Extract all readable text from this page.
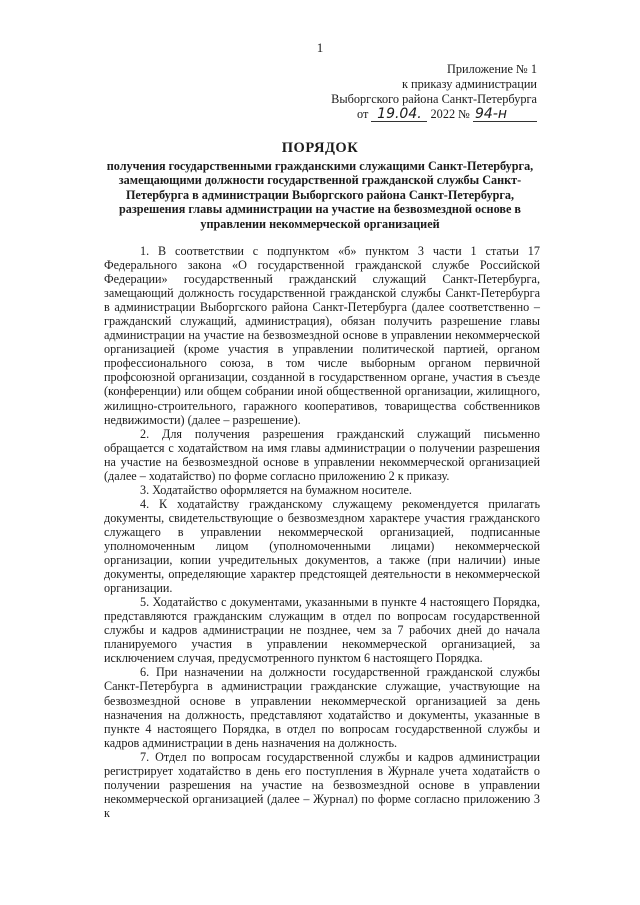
1
Приложение № 1
к приказу администрации
Выборгского района Санкт-Петербурга
от 19.04. 2022 № 94-н
ПОРЯДОК
получения государственными гражданскими служащими Санкт-Петербурга, замещающими должности государственной гражданской службы Санкт-Петербурга в администрации Выборгского района Санкт-Петербурга, разрешения главы администрации на участие на безвозмездной основе в управлении некоммерческой организацией

1. В соответствии с подпунктом «б» пунктом 3 части 1 статьи 17 Федерального закона «О государственной гражданской службе Российской Федерации» государственный гражданский служащий Санкт-Петербурга, замещающий должность государственной гражданской службы Санкт-Петербурга в администрации Выборгского района Санкт-Петербурга (далее соответственно – гражданский служащий, администрация), обязан получить разрешение главы администрации на участие на безвозмездной основе в управлении некоммерческой организацией (кроме участия в управлении политической партией, органом профессионального союза, в том числе выборным органом первичной профсоюзной организации, созданной в государственном органе, участия в съезде (конференции) или общем собрании иной общественной организации, жилищного, жилищно-строительного, гаражного кооперативов, товарищества собственников недвижимости) (далее – разрешение).

2. Для получения разрешения гражданский служащий письменно обращается с ходатайством на имя главы администрации о получении разрешения на участие на безвозмездной основе в управлении некоммерческой организацией (далее – ходатайство) по форме согласно приложению 2 к приказу.

3. Ходатайство оформляется на бумажном носителе.

4. К ходатайству гражданскому служащему рекомендуется прилагать документы, свидетельствующие о безвозмездном характере участия гражданского служащего в управлении некоммерческой организацией, подписанные уполномоченным лицом (уполномоченными лицами) некоммерческой организации, копии учредительных документов, а также (при наличии) иные документы, определяющие характер предстоящей деятельности в некоммерческой организации.

5. Ходатайство с документами, указанными в пункте 4 настоящего Порядка, представляются гражданским служащим в отдел по вопросам государственной службы и кадров администрации не позднее, чем за 7 рабочих дней до начала планируемого участия в управлении некоммерческой организацией, за исключением случая, предусмотренного пунктом 6 настоящего Порядка.

6. При назначении на должности государственной гражданской службы Санкт-Петербурга в администрации гражданские служащие, участвующие на безвозмездной основе в управлении некоммерческой организацией за день назначения на должность, представляют ходатайство и документы, указанные в пункте 4 настоящего Порядка, в отдел по вопросам государственной службы и кадров администрации в день назначения на должность.

7. Отдел по вопросам государственной службы и кадров администрации регистрирует ходатайство в день его поступления в Журнале учета ходатайств о получении разрешения на участие на безвозмездной основе в управлении некоммерческой организацией (далее – Журнал) по форме согласно приложению 3 к
